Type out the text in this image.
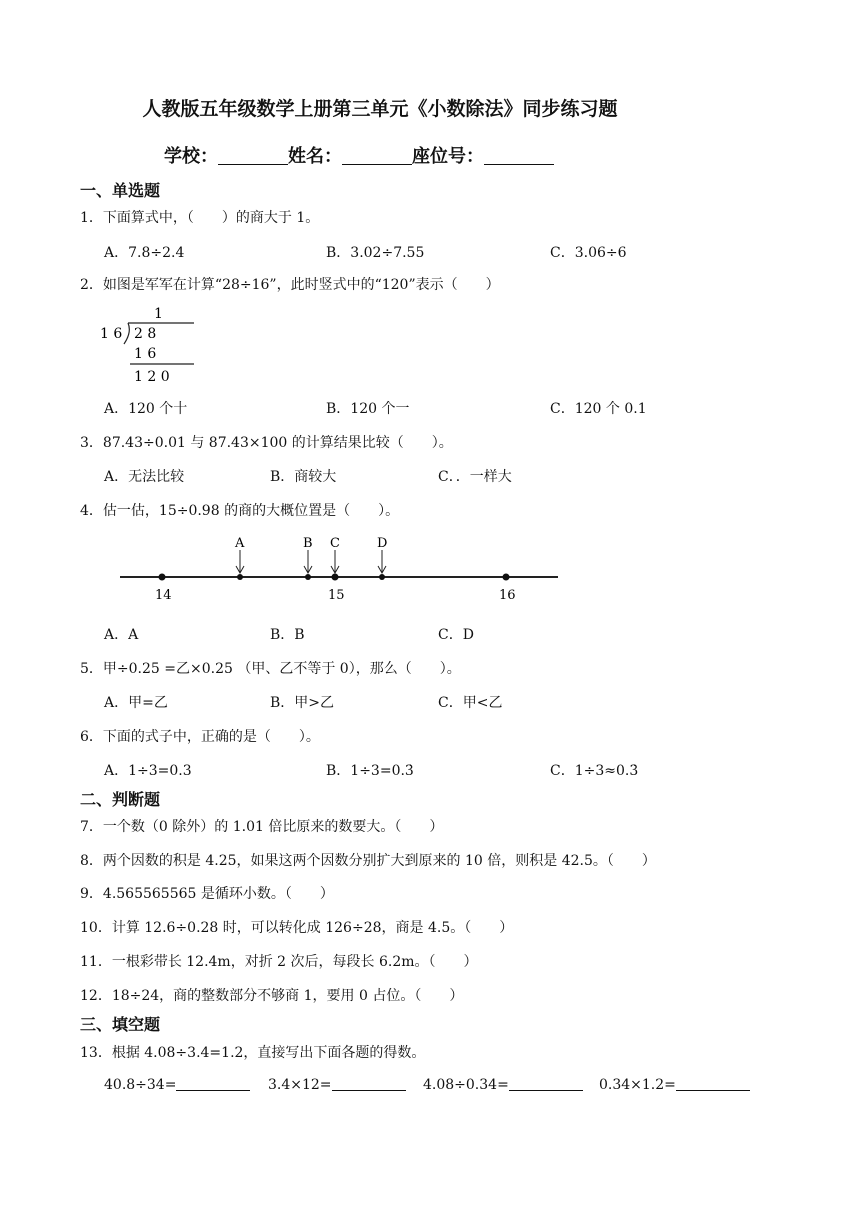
人教版五年级数学上册第三单元《小数除法》同步练习题
学校：	姓名：	座位号：
一、单选题
1．下面算式中，（　　）的商大于 1。
A．7.8÷2.4	B．3.02÷7.55	C．3.06÷6
2．如图是军军在计算“28÷16”，此时竖式中的“120”表示（　　）
1
1 6 2 8
1 6
1 2 0
A．120 个十	B．120 个一	C．120 个 0.1
3．87.43÷0.01 与 87.43×100 的计算结果比较（　　）。
A．无法比较	B．商较大	C．．一样大
4．估一估，15÷0.98 的商的大概位置是（　　）。
14	15	16
A	B C	D
A．A	B．B	C．D
5．甲÷0.25 =乙×0.25 （甲、乙不等于 0），那么（　　）。
A．甲=乙	B．甲>乙	C．甲<乙
6．下面的式子中，正确的是（　　）。
A．1÷3=0.3	B．1÷3=0.3̇	C．1÷3≈0.3̇
二、判断题
7．一个数（0 除外）的 1.01 倍比原来的数要大。（　　）
8．两个因数的积是 4.25，如果这两个因数分别扩大到原来的 10 倍，则积是 42.5。（　　）
9．4.565565565 是循环小数。（　　）
10．计算 12.6÷0.28 时，可以转化成 126÷28，商是 4.5。（　　）
11．一根彩带长 12.4m，对折 2 次后，每段长 6.2m。（　　）
12．18÷24，商的整数部分不够商 1，要用 0 占位。（　　）
三、填空题
13．根据 4.08÷3.4=1.2，直接写出下面各题的得数。
40.8÷34=	3.4×12=	4.08÷0.34=	0.34×1.2=
